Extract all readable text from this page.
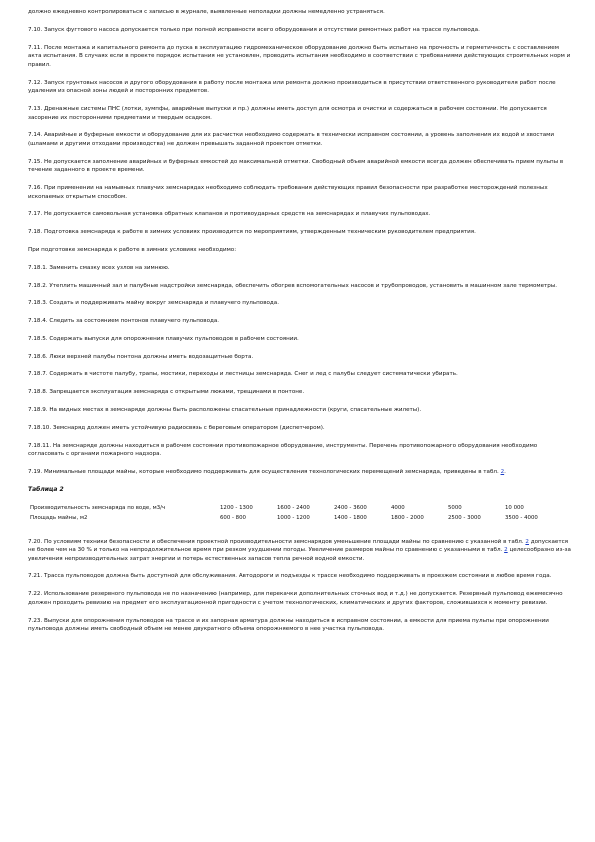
должно ежедневно контролироваться с записью в журнале, выявленные неполадки должны немедленно устраняться.

7.10. Запуск фугтового насоса допускается только при полной исправности всего оборудования и отсутствии ремонтных работ на трассе пульповода.

7.11. После монтажа и капитального ремонта до пуска в эксплуатацию гидромеханическое оборудование должно быть испытано на прочность и герметичность с составлением акта испытания. В случаях если в проекте порядок испытания не установлен, проводить испытания необходимо в соответствии с требованиями действующих строительных норм и правил.

7.12. Запуск грунтовых насосов и другого оборудования в работу после монтажа или ремонта должно производиться в присутствии ответственного руководителя работ после удаления из опасной зоны людей и посторонних предметов.

7.13. Дренажные системы ПНС (лотки, зумпфы, аварийные выпуски и пр.) должны иметь доступ для осмотра и очистки и содержаться в рабочем состоянии. Не допускается засорение их посторонними предметами и твердым осадком.

7.14. Аварийные и буферные емкости и оборудование для их расчистки необходимо содержать в технически исправном состоянии, а уровень заполнения их водой и хвостами (шламами и другими отходами производства) не должен превышать заданной проектом отметки.

7.15. Не допускается заполнение аварийных и буферных емкостей до максимальной отметки. Свободный объем аварийной емкости всегда должен обеспечивать прием пульпы в течение заданного в проекте времени.

7.16. При применении на намывных плавучих земснарядах необходимо соблюдать требования действующих правил безопасности при разработке месторождений полезных ископаемых открытым способом.

7.17. Не допускается самовольная установка обратных клапанов и противоударных средств на земснарядах и плавучих пульповодах.

7.18. Подготовка земснаряда к работе в зимних условиях производится по мероприятиям, утвержденным техническим руководителем предприятия.

При подготовке земснаряда к работе в зимних условиях необходимо:

7.18.1. Заменить смазку всех узлов на зимнюю.

7.18.2. Утеплить машинный зал и палубные надстройки земснаряда, обеспечить обогрев вспомогательных насосов и трубопроводов, установить в машинном зале термометры.

7.18.3. Создать и поддерживать майну вокруг земснаряда и плавучего пульповода.

7.18.4. Следить за состоянием понтонов плавучего пульповода.

7.18.5. Содержать выпуски для опорожнения плавучих пульповодов в рабочем состоянии.

7.18.6. Люки верхней палубы понтона должны иметь водозащитные борта.

7.18.7. Содержать в чистоте палубу, трапы, мостики, переходы и лестницы земснаряда. Снег и лед с палубы следует систематически убирать.

7.18.8. Запрещается эксплуатация земснаряда с открытыми люками, трещинами в понтоне.

7.18.9. На видных местах в земснаряде должны быть расположены спасательные принадлежности (круги, спасательные жилеты).

7.18.10. Земснаряд должен иметь устойчивую радиосвязь с береговым оператором (диспетчером).

7.18.11. На земснаряде должны находиться в рабочем состоянии противопожарное оборудование, инструменты. Перечень противопожарного оборудования необходимо согласовать с органами пожарного надзора.

7.19. Минимальные площади майны, которые необходимо поддерживать для осуществления технологических перемещений земснаряда, приведены в табл. 2.

Таблица 2
Производительность земснаряда по воде, м3/ч	1200 - 1300	1600 - 2400	2400 - 3600	4000	5000	10 000
Площадь майны, м2	600 - 800	1000 - 1200	1400 - 1800	1800 - 2000	2500 - 3000	3500 - 4000

7.20. По условиям техники безопасности и обеспечения проектной производительности земснарядов уменьшение площади майны по сравнению с указанной в табл. 2 допускается не более чем на 30 % и только на непродолжительное время при резком ухудшении погоды. Увеличение размеров майны по сравнению с указанными в табл. 2 целесообразно из-за увеличения непроизводительных затрат энергии и потерь естественных запасов тепла речной водной емкости.

7.21. Трасса пульповодов должна быть доступной для обслуживания. Автодороги и подъезды к трассе необходимо поддерживать в проезжем состоянии в любое время года.

7.22. Использование резервного пульповода не по назначению (например, для перекачки дополнительных сточных вод и т.д.) не допускается. Резервный пульповод ежемесячно должен проходить ревизию на предмет его эксплуатационной пригодности с учетом технологических, климатических и других факторов, сложившихся к моменту ревизии.

7.23. Выпуски для опорожнения пульповодов на трассе и их запорная арматура должны находиться в исправном состоянии, а емкости для приема пульпы при опорожнении пульповода должны иметь свободный объем не менее двукратного объема опорожняемого в нее участка пульповода.
